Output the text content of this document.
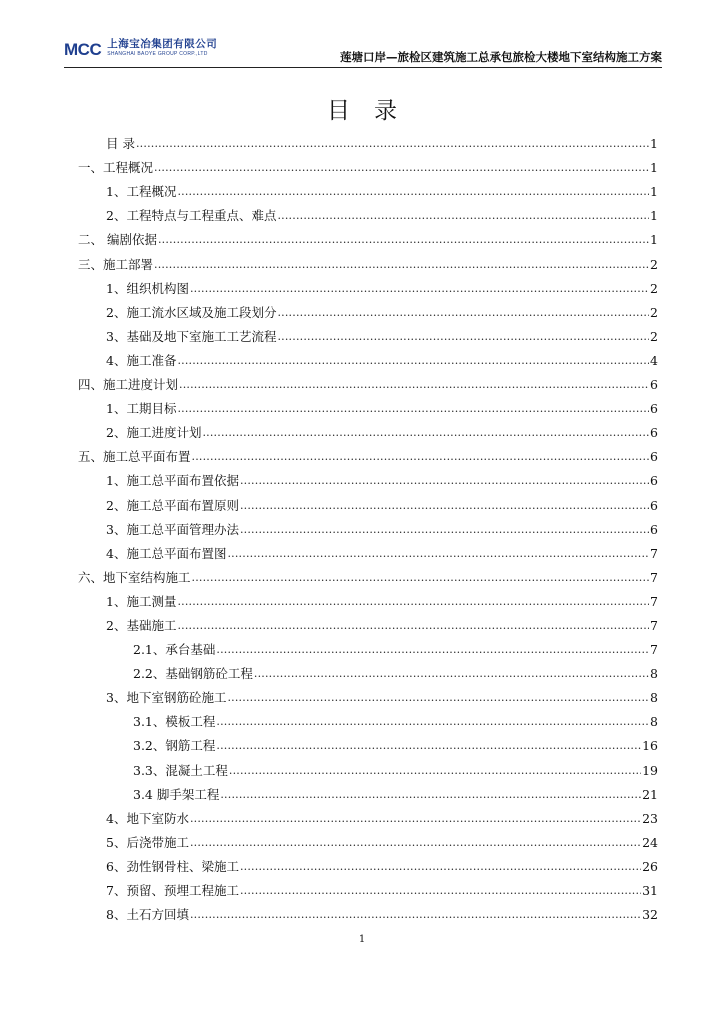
MCC 上海宝冶集团有限公司
SHANGHAI BAOYE GROUP CORP.,LTD	莲塘口岸—旅检区建筑施工总承包旅检大楼地下室结构施工方案
目录
目 录 .....	1
一、工程概况 .....	1
1、工程概况 .....	1
2、工程特点与工程重点、难点 .....	1
二、 编剧依据 .....	1
三、施工部署 .....	2
1、组织机构图 .....	2
2、施工流水区域及施工段划分 .....	2
3、基础及地下室施工工艺流程 .....	2
4、施工准备 .....	4
四、施工进度计划 .....	6
1、工期目标 .....	6
2、施工进度计划 .....	6
五、施工总平面布置 .....	6
1、施工总平面布置依据 .....	6
2、施工总平面布置原则 .....	6
3、施工总平面管理办法 .....	6
4、施工总平面布置图 .....	7
六、地下室结构施工 .....	7
1、施工测量 .....	7
2、基础施工 .....	7
2.1、承台基础 .....	7
2.2、基础钢筋砼工程 .....	8
3、地下室钢筋砼施工 .....	8
3.1、模板工程 .....	8
3.2、钢筋工程 .....	16
3.3、混凝土工程 .....	19
3.4 脚手架工程 .....	21
4、地下室防水 .....	23
5、后浇带施工 .....	24
6、劲性钢骨柱、梁施工 .....	26
7、预留、预埋工程施工 .....	31
8、土石方回填 .....	32
1
